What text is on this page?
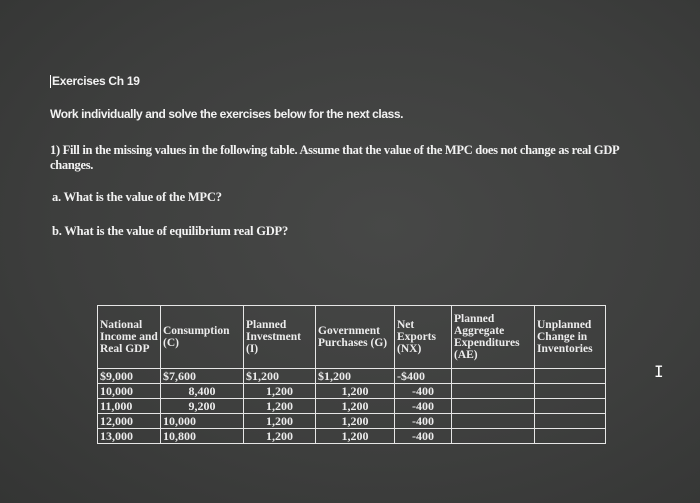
Exercises Ch 19

Work individually and solve the exercises below for the next class.

1) Fill in the missing values in the following table. Assume that the value of the MPC does not change as real GDP changes.

a. What is the value of the MPC?

b. What is the value of equilibrium real GDP?

National Income and Real GDP	Consumption (C)	Planned Investment (I)	Government Purchases (G)	Net Exports (NX)	Planned Aggregate Expenditures (AE)	Unplanned Change in Inventories
$9,000	$7,600	$1,200	$1,200	-$400		
10,000	8,400	1,200	1,200	-400		
11,000	9,200	1,200	1,200	-400		
12,000	10,000	1,200	1,200	-400		
13,000	10,800	1,200	1,200	-400		
I
